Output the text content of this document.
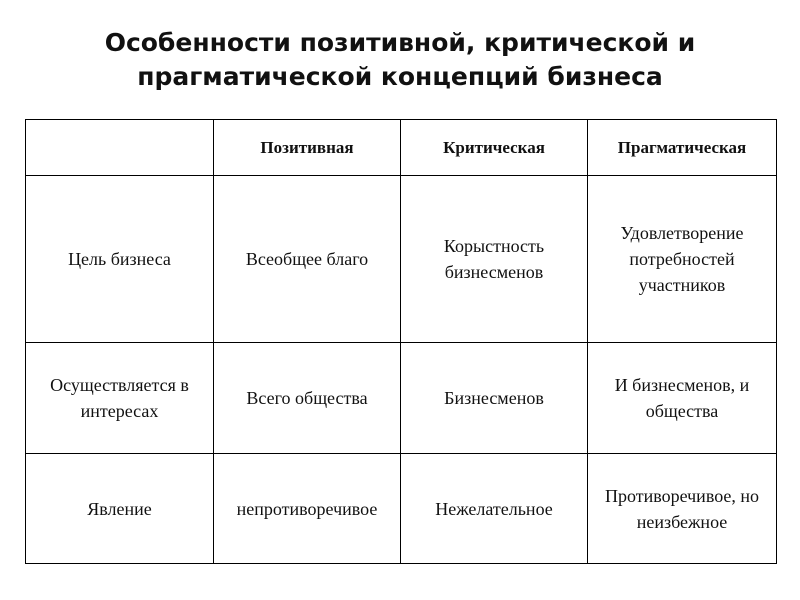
Особенности позитивной, критической и
прагматической концепций бизнеса
	Позитивная	Критическая	Прагматическая
Цель бизнеса	Всеобщее благо	Корыстность бизнесменов	Удовлетворение потребностей участников
Осуществляется в интересах	Всего общества	Бизнесменов	И бизнесменов, и общества
Явление	непротиворечивое	Нежелательное	Противоречивое, но неизбежное
